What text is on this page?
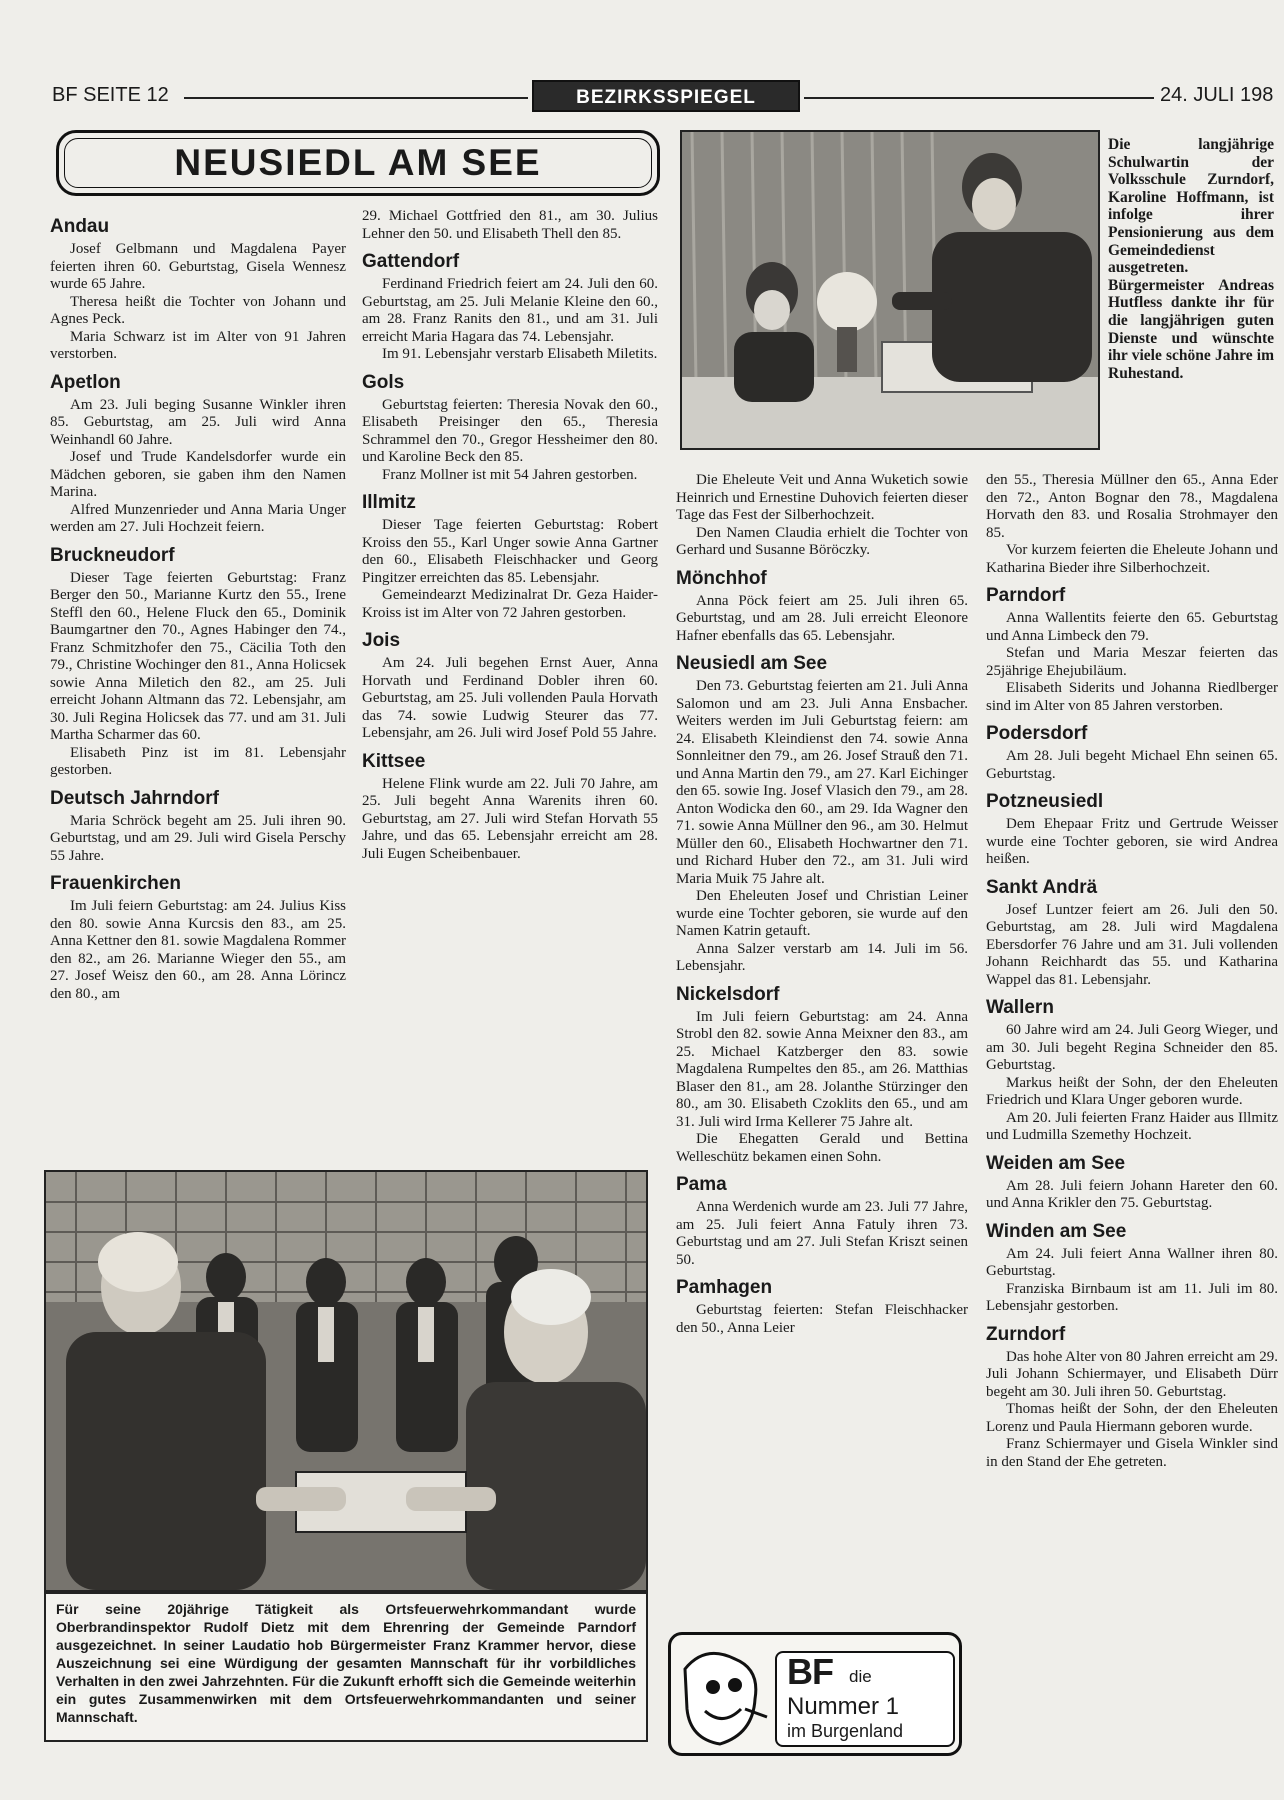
BF SEITE 12	BEZIRKSSPIEGEL	24. JULI 198
NEUSIEDL AM SEE	Die langjährige Schulwartin der Volksschule Zurndorf, Karoline Hoffmann, ist infolge ihrer Pensionierung aus dem Gemeindedienst ausgetreten. Bürgermeister Andreas Hutfless dankte ihr für die langjährigen guten Dienste und wünschte ihr viele schöne Jahre im Ruhestand.
Andau

Josef Gelbmann und Magdalena Payer feierten ihren 60. Geburtstag, Gisela Wennesz wurde 65 Jahre.

Theresa heißt die Tochter von Johann und Agnes Peck.

Maria Schwarz ist im Alter von 91 Jahren verstorben.

Apetlon

Am 23. Juli beging Susanne Winkler ihren 85. Geburtstag, am 25. Juli wird Anna Weinhandl 60 Jahre.

Josef und Trude Kandelsdorfer wurde ein Mädchen geboren, sie gaben ihm den Namen Marina.

Alfred Munzenrieder und Anna Maria Unger werden am 27. Juli Hochzeit feiern.

Bruckneudorf

Dieser Tage feierten Geburtstag: Franz Berger den 50., Marianne Kurtz den 55., Irene Steffl den 60., Helene Fluck den 65., Dominik Baumgartner den 70., Agnes Habinger den 74., Franz Schmitzhofer den 75., Cäcilia Toth den 79., Christine Wochinger den 81., Anna Holicsek sowie Anna Miletich den 82., am 25. Juli erreicht Johann Altmann das 72. Lebensjahr, am 30. Juli Regina Holicsek das 77. und am 31. Juli Martha Scharmer das 60.

Elisabeth Pinz ist im 81. Lebensjahr gestorben.

Deutsch Jahrndorf

Maria Schröck begeht am 25. Juli ihren 90. Geburtstag, und am 29. Juli wird Gisela Perschy 55 Jahre.

Frauenkirchen

Im Juli feiern Geburtstag: am 24. Julius Kiss den 80. sowie Anna Kurcsis den 83., am 25. Anna Kettner den 81. sowie Magdalena Rommer den 82., am 26. Marianne Wieger den 55., am 27. Josef Weisz den 60., am 28. Anna Lörincz den 80., am

29. Michael Gottfried den 81., am 30. Julius Lehner den 50. und Elisabeth Thell den 85.

Gattendorf

Ferdinand Friedrich feiert am 24. Juli den 60. Geburtstag, am 25. Juli Melanie Kleine den 60., am 28. Franz Ranits den 81., und am 31. Juli erreicht Maria Hagara das 74. Lebensjahr.

Im 91. Lebensjahr verstarb Elisabeth Miletits.

Gols

Geburtstag feierten: Theresia Novak den 60., Elisabeth Preisinger den 65., Theresia Schrammel den 70., Gregor Hessheimer den 80. und Karoline Beck den 85.

Franz Mollner ist mit 54 Jahren gestorben.

Illmitz

Dieser Tage feierten Geburtstag: Robert Kroiss den 55., Karl Unger sowie Anna Gartner den 60., Elisabeth Fleischhacker und Georg Pingitzer erreichten das 85. Lebensjahr.

Gemeindearzt Medizinalrat Dr. Geza Haider-Kroiss ist im Alter von 72 Jahren gestorben.

Jois

Am 24. Juli begehen Ernst Auer, Anna Horvath und Ferdinand Dobler ihren 60. Geburtstag, am 25. Juli vollenden Paula Horvath das 74. sowie Ludwig Steurer das 77. Lebensjahr, am 26. Juli wird Josef Pold 55 Jahre.

Kittsee

Helene Flink wurde am 22. Juli 70 Jahre, am 25. Juli begeht Anna Warenits ihren 60. Geburtstag, am 27. Juli wird Stefan Horvath 55 Jahre, und das 65. Lebensjahr erreicht am 28. Juli Eugen Scheibenbauer.

Für seine 20jährige Tätigkeit als Ortsfeuerwehrkommandant wurde Oberbrandinspektor Rudolf Dietz mit dem Ehrenring der Gemeinde Parndorf ausgezeichnet. In seiner Laudatio hob Bürgermeister Franz Krammer hervor, diese Auszeichnung sei eine Würdigung der gesamten Mannschaft für ihr vorbildliches Verhalten in den zwei Jahrzehnten. Für die Zukunft erhofft sich die Gemeinde weiterhin ein gutes Zusammenwirken mit dem Ortsfeuerwehrkommandanten und seiner Mannschaft.

Die Eheleute Veit und Anna Wuketich sowie Heinrich und Ernestine Duhovich feierten dieser Tage das Fest der Silberhochzeit.

Den Namen Claudia erhielt die Tochter von Gerhard und Susanne Böröczky.

Mönchhof

Anna Pöck feiert am 25. Juli ihren 65. Geburtstag, und am 28. Juli erreicht Eleonore Hafner ebenfalls das 65. Lebensjahr.

Neusiedl am See

Den 73. Geburtstag feierten am 21. Juli Anna Salomon und am 23. Juli Anna Ensbacher. Weiters werden im Juli Geburtstag feiern: am 24. Elisabeth Kleindienst den 74. sowie Anna Sonnleitner den 79., am 26. Josef Strauß den 71. und Anna Martin den 79., am 27. Karl Eichinger den 65. sowie Ing. Josef Vlasich den 79., am 28. Anton Wodicka den 60., am 29. Ida Wagner den 71. sowie Anna Müllner den 96., am 30. Helmut Müller den 60., Elisabeth Hochwartner den 71. und Richard Huber den 72., am 31. Juli wird Maria Muik 75 Jahre alt.

Den Eheleuten Josef und Christian Leiner wurde eine Tochter geboren, sie wurde auf den Namen Katrin getauft.

Anna Salzer verstarb am 14. Juli im 56. Lebensjahr.

Nickelsdorf

Im Juli feiern Geburtstag: am 24. Anna Strobl den 82. sowie Anna Meixner den 83., am 25. Michael Katzberger den 83. sowie Magdalena Rumpeltes den 85., am 26. Matthias Blaser den 81., am 28. Jolanthe Stürzinger den 80., am 30. Elisabeth Czoklits den 65., und am 31. Juli wird Irma Kellerer 75 Jahre alt.

Die Ehegatten Gerald und Bettina Welleschütz bekamen einen Sohn.

Pama

Anna Werdenich wurde am 23. Juli 77 Jahre, am 25. Juli feiert Anna Fatuly ihren 73. Geburtstag und am 27. Juli Stefan Kriszt seinen 50.

Pamhagen

Geburtstag feierten: Stefan Fleischhacker den 50., Anna Leier

BF die
Nummer 1
im Burgenland

den 55., Theresia Müllner den 65., Anna Eder den 72., Anton Bognar den 78., Magdalena Horvath den 83. und Rosalia Strohmayer den 85.

Vor kurzem feierten die Eheleute Johann und Katharina Bieder ihre Silberhochzeit.

Parndorf

Anna Wallentits feierte den 65. Geburtstag und Anna Limbeck den 79.

Stefan und Maria Meszar feierten das 25jährige Ehejubiläum.

Elisabeth Siderits und Johanna Riedlberger sind im Alter von 85 Jahren verstorben.

Podersdorf

Am 28. Juli begeht Michael Ehn seinen 65. Geburtstag.

Potzneusiedl

Dem Ehepaar Fritz und Gertrude Weisser wurde eine Tochter geboren, sie wird Andrea heißen.

Sankt Andrä

Josef Luntzer feiert am 26. Juli den 50. Geburtstag, am 28. Juli wird Magdalena Ebersdorfer 76 Jahre und am 31. Juli vollenden Johann Reichhardt das 55. und Katharina Wappel das 81. Lebensjahr.

Wallern

60 Jahre wird am 24. Juli Georg Wieger, und am 30. Juli begeht Regina Schneider den 85. Geburtstag.

Markus heißt der Sohn, der den Eheleuten Friedrich und Klara Unger geboren wurde.

Am 20. Juli feierten Franz Haider aus Illmitz und Ludmilla Szemethy Hochzeit.

Weiden am See

Am 28. Juli feiern Johann Hareter den 60. und Anna Krikler den 75. Geburtstag.

Winden am See

Am 24. Juli feiert Anna Wallner ihren 80. Geburtstag.

Franziska Birnbaum ist am 11. Juli im 80. Lebensjahr gestorben.

Zurndorf

Das hohe Alter von 80 Jahren erreicht am 29. Juli Johann Schiermayer, und Elisabeth Dürr begeht am 30. Juli ihren 50. Geburtstag.

Thomas heißt der Sohn, der den Eheleuten Lorenz und Paula Hiermann geboren wurde.

Franz Schiermayer und Gisela Winkler sind in den Stand der Ehe getreten.
